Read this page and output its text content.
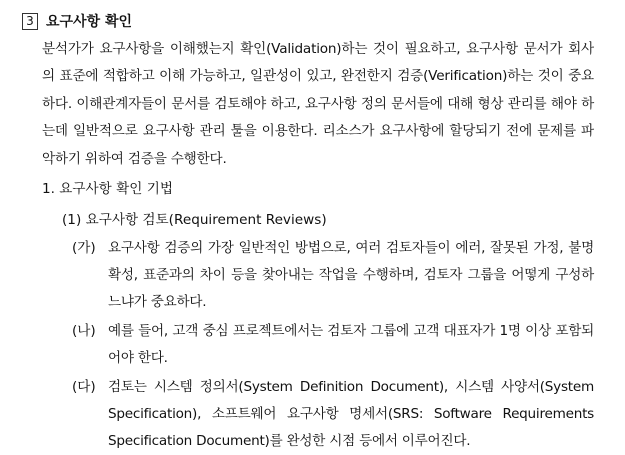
3 요구사항 확인

분석가가 요구사항을 이해했는지 확인(Validation)하는 것이 필요하고, 요구사항 문서가 회사의 표준에 적합하고 이해 가능하고, 일관성이 있고, 완전한지 검증(Verification)하는 것이 중요하다. 이해관계자들이 문서를 검토해야 하고, 요구사항 정의 문서들에 대해 형상 관리를 해야 하는데 일반적으로 요구사항 관리 툴을 이용한다. 리소스가 요구사항에 할당되기 전에 문제를 파악하기 위하여 검증을 수행한다.

1. 요구사항 확인 기법

(1) 요구사항 검토(Requirement Reviews)

(가) 요구사항 검증의 가장 일반적인 방법으로, 여러 검토자들이 에러, 잘못된 가정, 불명확성, 표준과의 차이 등을 찾아내는 작업을 수행하며, 검토자 그룹을 어떻게 구성하느냐가 중요하다.

(나) 예를 들어, 고객 중심 프로젝트에서는 검토자 그룹에 고객 대표자가 1명 이상 포함되어야 한다.

(다) 검토는 시스템 정의서(System Definition Document), 시스템 사양서(System Specification), 소프트웨어 요구사항 명세서(SRS: Software Requirements Specification Document)를 완성한 시점 등에서 이루어진다.
